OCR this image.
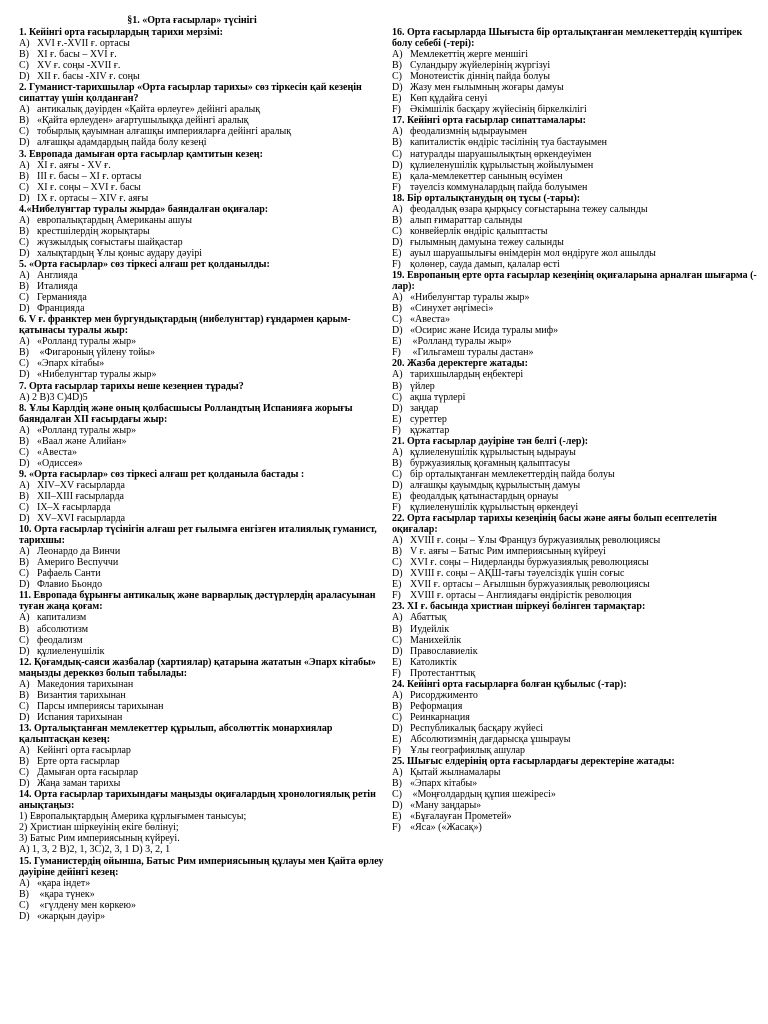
§1. «Орта ғасырлар» түсінігі
1. Кейінгі орта ғасырлардың тарихи мерзімі:
A) XVI ғ.-XVII ғ. ортасы
B) XI ғ. басы – XVI ғ.
C) XV ғ. соңы -XVII ғ.
D) XII ғ. басы -XIV ғ. соңы
2. Гуманист-тарихшылар «Орта ғасырлар тарихы» сөз тіркесін қай кезеңін сипаттау үшін қолданған?
A) антикалық дәуірден «Қайта өрлеуге» дейінгі аралық
B) «Қайта өрлеуден» ағартушылыққа дейінгі аралық
C) тобырлық қауымнан алғашқы империяларға дейінгі аралық
D) алғашқы адамдардың пайда болу кезеңі
3. Европада дамыған орта ғасырлар қамтитын кезең:
A) XI ғ. аяғы - XV ғ.
B) III ғ. басы – XI ғ. ортасы
C) XI ғ. соңы – XVI ғ. басы
D) IX ғ. ортасы – XIV ғ. аяғы
4.«Нибелунгтар туралы жырда» баяндалған оқиғалар:
A) европалықтардың Американы ашуы
B) крестшілердің жорықтары
C) жүзжылдық соғыстағы шайқастар
D) халықтардың Ұлы қоныс аудару дәуірі
5. «Орта ғасырлар» сөз тіркесі алғаш рет қолданылды:
A) Англияда
B) Италияда
C) Германияда
D) Францияда
6. V ғ. франктер мен бургундықтардың (нибелунгтар) ғұндармен қарым-қатынасы туралы жыр:
A) «Ролланд туралы жыр»
B) «Фигароның үйлену тойы»
C) «Эпарх кітабы»
D) «Нибелунгтар туралы жыр»
7. Орта ғасырлар тарихы неше кезеңнен тұрады?
A) 2 B)3 C)4D)5
8. Ұлы Карлдің және оның қолбасшысы Ролландтың Испанияға жорығы баяндалған XII ғасырдағы жыр:
A) «Ролланд туралы жыр»
B) «Ваал және Алийан»
C) «Авеста»
D) «Одиссея»
9. «Орта ғасырлар» сөз тіркесі алғаш рет қолданыла бастады :
A) XIV–XV ғасырларда
B) XII–XIII ғасырларда
C) IX–X ғасырларда
D) XV–XVI ғасырларда
10. Орта ғасырлар түсінігін алғаш рет ғылымға енгізген италиялық гуманист, тарихшы:
A) Леонардо да Винчи
B) Америго Веспуччи
C) Рафаель Санти
D) Флавио Бьондо
11. Европада бұрынғы антикалық және варварлық дәстүрлердің араласуынан туған жаңа қоғам:
A) капитализм
B) абсолютизм
C) феодализм
D) құлиеленушілік
12. Қоғамдық-саяси жазбалар (хартиялар) қатарына жататын «Эпарх кітабы» маңызды дереккөз болып табылады:
A) Македония тарихынан
B) Византия тарихынан
C) Парсы империясы тарихынан
D) Испания тарихынан
13. Орталықтанған мемлекеттер құрылып, абсолюттік монархиялар қалыптасқан кезең:
A) Кейінгі орта ғасырлар
B) Ерте орта ғасырлар
C) Дамыған орта ғасырлар
D) Жаңа заман тарихы
14. Орта ғасырлар тарихындағы маңызды оқиғалардың хронологиялық ретін анықтаңыз:
1) Европалықтардың Америка құрлығымен танысуы;
2) Христиан шіркеуінің екіге бөлінуі;
3) Батыс Рим империясының күйреуі.
A) 1, 3, 2 B)2, 1, 3C)2, 3, 1 D) 3, 2, 1
15. Гуманистердің ойынша, Батыс Рим империясының құлауы мен Қайта өрлеу дәуіріне дейінгі кезең:
A) «қара індет»
B) «қара түнек»
C) «гүлдену мен көркею»
D) «жарқын дәуір»
16. Орта ғасырларда Шығыста бір орталықтанған мемлекеттердің күштірек болу себебі (-тері):
A) Мемлекеттің жерге меншігі
B) Суландыру жүйелерінің жүргізуі
C) Монотеистік діннің пайда болуы
D) Жазу мен ғылымның жоғары дамуы
E) Көп құдайға сенуі
F) Әкімшілік басқару жүйесінің біркелкілігі
17. Кейінгі орта ғасырлар сипаттамалары:
A) феодализмнің ыдырауымен
B) капиталистік өндіріс тәсілінің туа бастауымен
C) натуралды шаруашылықтың өркендеуімен
D) құлиеленушілік құрылыстың жойылуымен
E) қала-мемлекеттер санының өсуімен
F) тәуелсіз коммуналардың пайда болуымен
18. Бір орталықтанудың оң тұсы (-тары):
A) феодалдық өзара қырқысу соғыстарына тежеу салынды
B) алып ғимараттар салынды
C) конвейерлік өндіріс қалыптасты
D) ғылымның дамуына тежеу салынды
E) ауыл шаруашылығы өнімдерін мол өндіруге жол ашылды
F) қолөнер, сауда дамып, қалалар өсті
19. Европаның ерте орта ғасырлар кезеңінің оқиғаларына арналған шығарма (-лар):
A) «Нибелунгтар туралы жыр»
B) «Синухет әңгімесі»
C) «Авеста»
D) «Осирис және Исида туралы миф»
E) «Ролланд туралы жыр»
F) «Гильгамеш туралы дастан»
20. Жазба деректерге жатады:
A) тарихшылардың еңбектері
B) үйлер
C) ақша түрлері
D) заңдар
E) суреттер
F) құжаттар
21. Орта ғасырлар дәуіріне тән белгі (-лер):
A) құлиеленушілік құрылыстың ыдырауы
B) буржуазиялық қоғамның қалыптасуы
C) бір орталықтанған мемлекеттердің пайда болуы
D) алғашқы қауымдық құрылыстың дамуы
E) феодалдық қатынастардың орнауы
F) құлиеленушілік құрылыстың өркендеуі
22. Орта ғасырлар тарихы кезеңінің басы және аяғы болып есептелетін оқиғалар:
A) XVIII ғ. соңы – Ұлы Француз буржуазиялық революциясы
B) V ғ. аяғы – Батыс Рим империясының күйреуі
C) XVI ғ. соңы – Нидерланды буржуазиялық революциясы
D) XVIII ғ. соңы – АҚШ-тағы тәуелсіздік үшін соғыс
E) XVII ғ. ортасы – Ағылшын буржуазиялық революциясы
F) XVIII ғ. ортасы – Англиядағы өндірістік революция
23. XI ғ. басында христиан шіркеуі бөлінген тармақтар:
A) Абаттық
B) Иудейлік
C) Манихейлік
D) Православиелік
E) Католиктік
F) Протестанттық
24. Кейінгі орта ғасырларға болған құбылыс (-тар):
A) Рисорджименто
B) Реформация
C) Реинкарнация
D) Республикалық басқару жүйесі
E) Абсолютизмнің дағдарысқа ұшырауы
F) Ұлы географиялық ашулар
25. Шығыс елдерінің орта ғасырлардағы деректеріне жатады:
A) Қытай жылнамалары
B) «Эпарх кітабы»
C) «Моңғолдардың құпия шежіресі»
D) «Ману заңдары»
E) «Бұғалауған Прометей»
F) «Яса» («Жасақ»)
